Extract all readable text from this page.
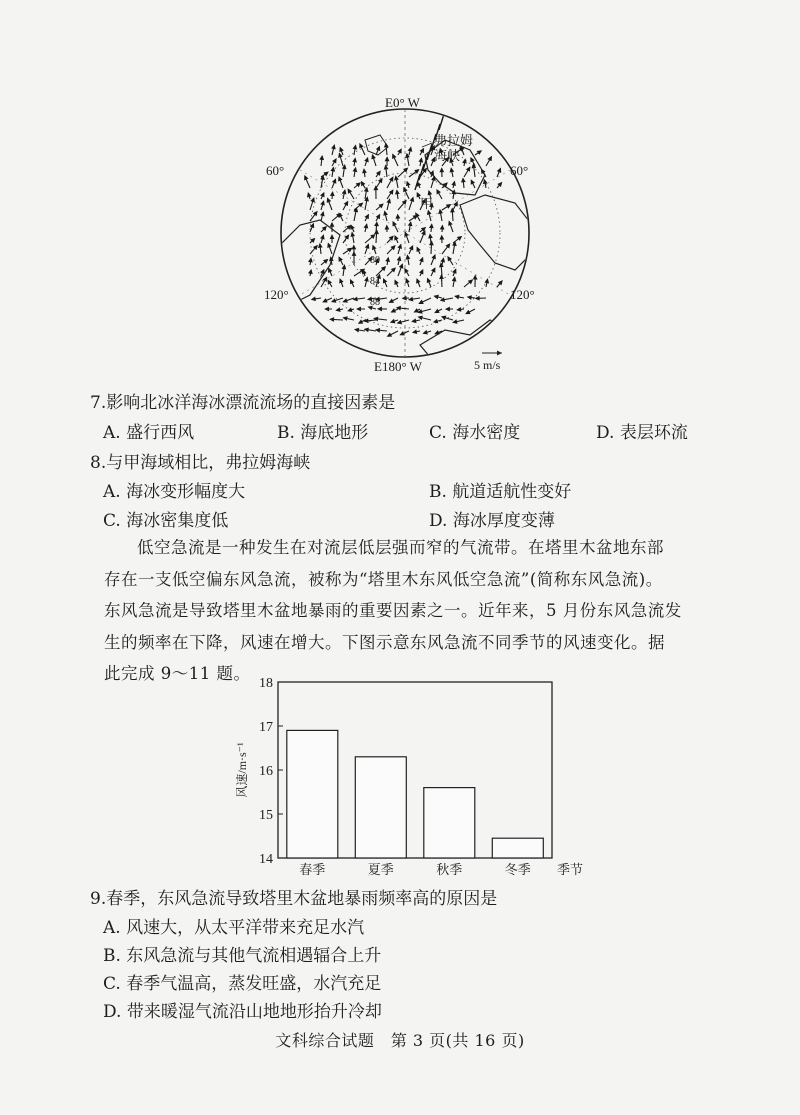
E0° W
E180° W
60°	60°
120°	120°
弗拉姆
海峡
甲
80
84
88
5 m/s
7.影响北冰洋海冰漂流流场的直接因素是
A. 盛行西风	B. 海底地形	C. 海水密度	D. 表层环流
8.与甲海域相比，弗拉姆海峡
A. 海冰变形幅度大	B. 航道适航性变好
C. 海冰密集度低	D. 海冰厚度变薄

低空急流是一种发生在对流层低层强而窄的气流带。在塔里木盆地东部

存在一支低空偏东风急流，被称为“塔里木东风低空急流”(简称东风急流)。

东风急流是导致塔里木盆地暴雨的重要因素之一。近年来，5 月份东风急流发

生的频率在下降，风速在增大。下图示意东风急流不同季节的风速变化。据

此完成 9～11 题。

14
15
16
17
18
风速/m·s⁻¹
春季	夏季	秋季	冬季 季节
9.春季，东风急流导致塔里木盆地暴雨频率高的原因是
A. 风速大，从太平洋带来充足水汽
B. 东风急流与其他气流相遇辐合上升
C. 春季气温高，蒸发旺盛，水汽充足
D. 带来暖湿气流沿山地地形抬升冷却
文科综合试题　第 3 页(共 16 页)
